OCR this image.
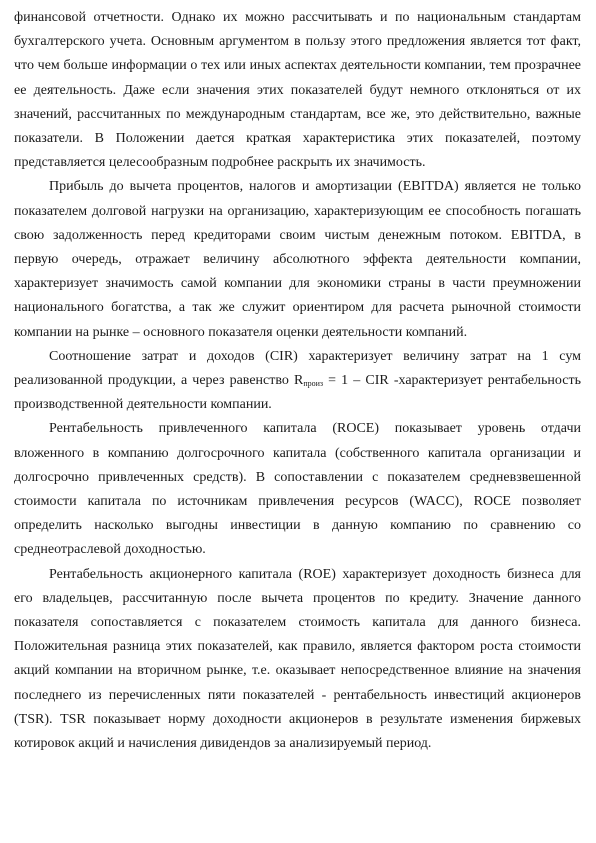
финансовой отчетности. Однако их можно рассчитывать и по национальным стандартам бухгалтерского учета. Основным аргументом в пользу этого предложения является тот факт, что чем больше информации о тех или иных аспектах деятельности компании, тем прозрачнее ее деятельность. Даже если значения этих показателей будут немного отклоняться от их значений, рассчитанных по международным стандартам, все же, это действительно, важные показатели. В Положении дается краткая характеристика этих показателей, поэтому представляется целесообразным подробнее раскрыть их значимость.

Прибыль до вычета процентов, налогов и амортизации (EBITDA) является не только показателем долговой нагрузки на организацию, характеризующим ее способность погашать свою задолженность перед кредиторами своим чистым денежным потоком. EBITDA, в первую очередь, отражает величину абсолютного эффекта деятельности компании, характеризует значимость самой компании для экономики страны в части преумножении национального богатства, а так же служит ориентиром для расчета рыночной стоимости компании на рынке – основного показателя оценки деятельности компаний.

Соотношение затрат и доходов (CIR) характеризует величину затрат на 1 сум реализованной продукции, а через равенство $R_{произ} = 1$ – CIR -характеризует рентабельность производственной деятельности компании.

Рентабельность привлеченного капитала (ROCE) показывает уровень отдачи вложенного в компанию долгосрочного капитала (собственного капитала организации и долгосрочно привлеченных средств). В сопоставлении с показателем средневзвешенной стоимости капитала по источникам привлечения ресурсов (WACC), ROCE позволяет определить насколько выгодны инвестиции в данную компанию по сравнению со среднеотраслевой доходностью.

Рентабельность акционерного капитала (ROE) характеризует доходность бизнеса для его владельцев, рассчитанную после вычета процентов по кредиту. Значение данного показателя сопоставляется с показателем стоимость капитала для данного бизнеса. Положительная разница этих показателей, как правило, является фактором роста стоимости акций компании на вторичном рынке, т.е. оказывает непосредственное влияние на значения последнего из перечисленных пяти показателей - рентабельность инвестиций акционеров (TSR). TSR показывает норму доходности акционеров в результате изменения биржевых котировок акций и начисления дивидендов за анализируемый период.
